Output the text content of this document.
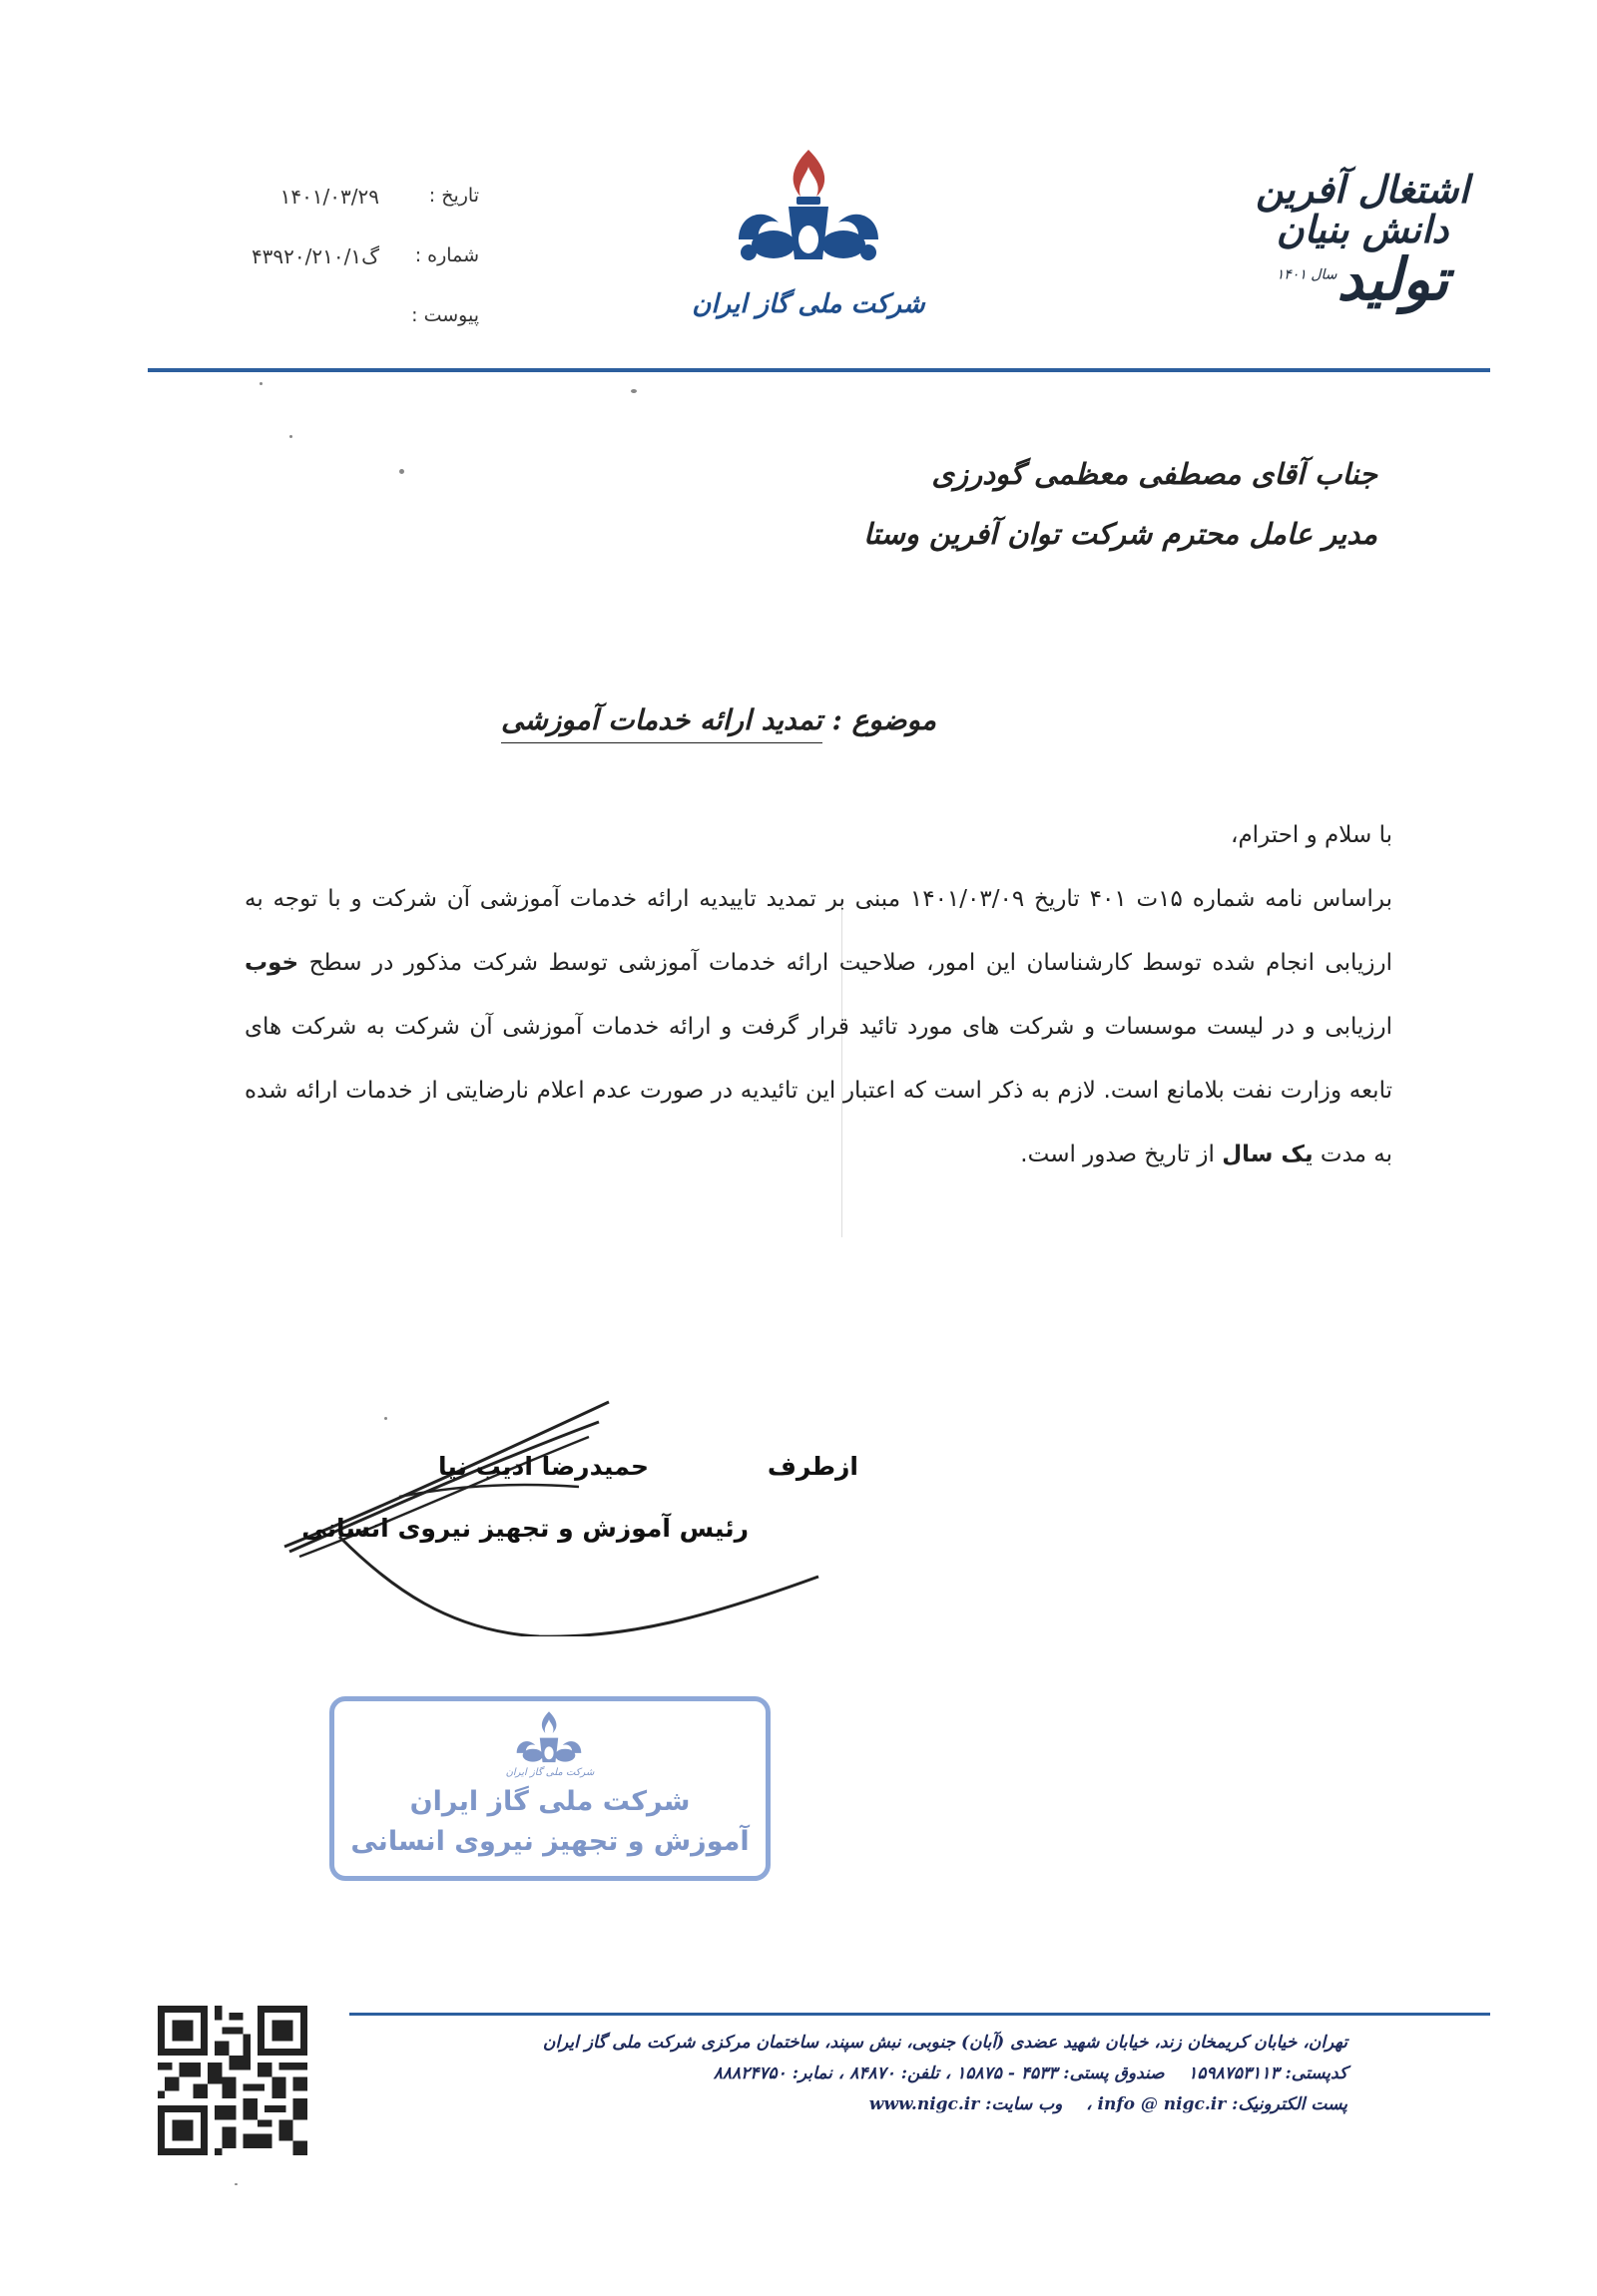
اشتغال آفرین
دانش بنیان
تولید$^{سال ۱۴۰۱}$
شرکت ملی گاز ایران
تاریخ :
۱۴۰۱/۰۳/۲۹
شماره :
گ۴۳۹۲۰/۲۱۰/۱
پیوست :
جناب آقای مصطفی معظمی گودرزی
مدیر عامل محترم شرکت توان آفرین وستا
موضوع : تمدید ارائه خدمات آموزشی

با سلام و احترام،

براساس نامه شماره ۱۵ت ۴۰۱ تاریخ ۱۴۰۱/۰۳/۰۹ مبنی بر تمدید تاییدیه ارائه خدمات آموزشی آن شرکت و با توجه به ارزیابی انجام شده توسط کارشناسان این امور، صلاحیت ارائه خدمات آموزشی توسط شرکت مذکور در سطح خوب ارزیابی و در لیست موسسات و شرکت های مورد تائید قرار گرفت و ارائه خدمات آموزشی آن شرکت به شرکت های تابعه وزارت نفت بلامانع است. لازم به ذکر است که اعتبار این تائیدیه در صورت عدم اعلام نارضایتی از خدمات ارائه شده به مدت یک سال از تاریخ صدور است.

ازطرف
حمیدرضا ادیب نیا
رئیس آموزش و تجهیز نیروی انسانی
شرکت ملی گاز ایران
شرکت ملی گاز ایران
آموزش و تجهیز نیروی انسانی
تهران، خیابان کریمخان زند، خیابان شهید عضدی (آبان) جنوبی، نبش سپند، ساختمان مرکزی شرکت ملی گاز ایران
کدپستی: ۱۵۹۸۷۵۳۱۱۳    صندوق پستی: ۴۵۳۳ - ۱۵۸۷۵ ، تلفن: ۸۴۸۷۰ ، نمابر: ۸۸۸۲۴۷۵۰
پست الکترونیک: info @ nigc.ir ،    وب سایت: www.nigc.ir
